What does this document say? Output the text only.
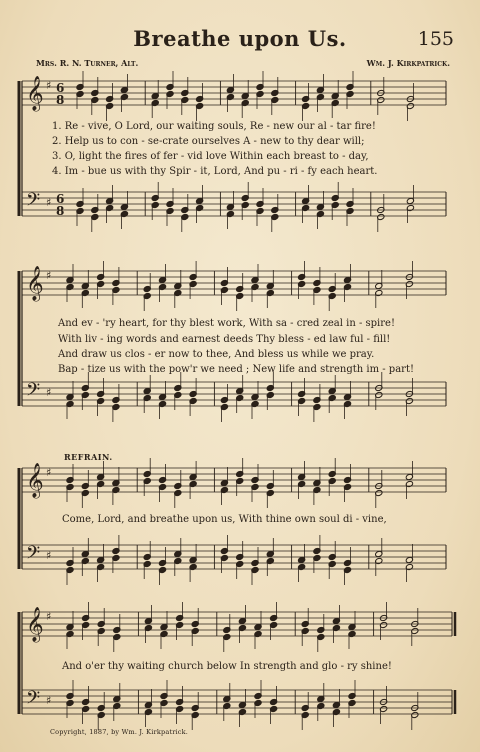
Breathe upon Us.	155
Mrs. R. N. Turner, Alt.	Wm. J. Kirkpatrick.
𝄞
𝄢
♯
♯
6
8
6
8
𝄞
𝄢
♯
♯
𝄞
𝄢
♯
♯
𝄞
𝄢
♯
♯
1. Re - vive, O Lord, our waiting souls, Re - new our al - tar fire!
2. Help us to con - se-crate ourselves A - new to thy dear will;
3. O, light the fires of fer - vid love Within each breast to - day,
4. Im - bue us with thy Spir - it, Lord, And pu - ri - fy each heart.
And ev - 'ry heart, for thy blest work, With sa - cred zeal in - spire!
With liv - ing words and earnest deeds Thy bless - ed law ful - fill!
And draw us clos - er now to thee, And bless us while we pray.
Bap - tize us with the pow'r we need ; New life and strength im - part!
REFRAIN.
Come, Lord, and breathe upon us, With thine own soul di - vine,
And o'er thy waiting church below In strength and glo - ry shine!
Copyright, 1887, by Wm. J. Kirkpatrick.
